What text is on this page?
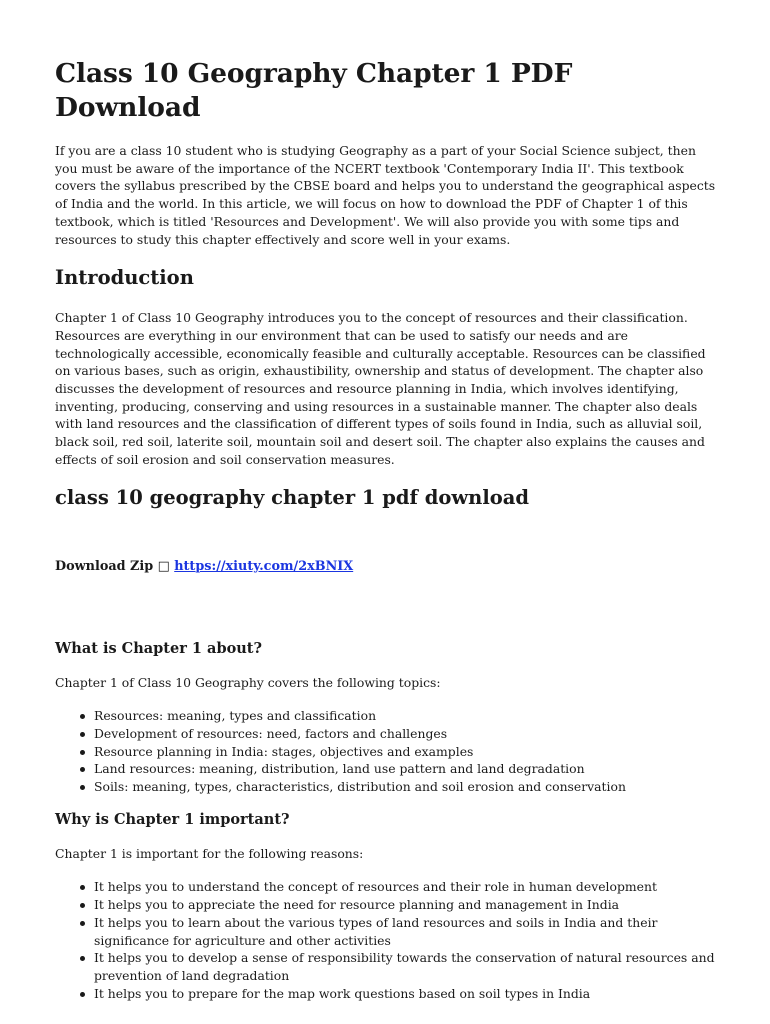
Class 10 Geography Chapter 1 PDF Download

If you are a class 10 student who is studying Geography as a part of your Social Science subject, then you must be aware of the importance of the NCERT textbook 'Contemporary India II'. This textbook covers the syllabus prescribed by the CBSE board and helps you to understand the geographical aspects of India and the world. In this article, we will focus on how to download the PDF of Chapter 1 of this textbook, which is titled 'Resources and Development'. We will also provide you with some tips and resources to study this chapter effectively and score well in your exams.

Introduction

Chapter 1 of Class 10 Geography introduces you to the concept of resources and their classification. Resources are everything in our environment that can be used to satisfy our needs and are technologically accessible, economically feasible and culturally acceptable. Resources can be classified on various bases, such as origin, exhaustibility, ownership and status of development. The chapter also discusses the development of resources and resource planning in India, which involves identifying, inventing, producing, conserving and using resources in a sustainable manner. The chapter also deals with land resources and the classification of different types of soils found in India, such as alluvial soil, black soil, red soil, laterite soil, mountain soil and desert soil. The chapter also explains the causes and effects of soil erosion and soil conservation measures.

class 10 geography chapter 1 pdf download

Download Zip □ https://xiuty.com/2xBNIX

What is Chapter 1 about?

Chapter 1 of Class 10 Geography covers the following topics:

Resources: meaning, types and classification
Development of resources: need, factors and challenges
Resource planning in India: stages, objectives and examples
Land resources: meaning, distribution, land use pattern and land degradation
Soils: meaning, types, characteristics, distribution and soil erosion and conservation
Why is Chapter 1 important?

Chapter 1 is important for the following reasons:

It helps you to understand the concept of resources and their role in human development
It helps you to appreciate the need for resource planning and management in India
It helps you to learn about the various types of land resources and soils in India and their significance for agriculture and other activities
It helps you to develop a sense of responsibility towards the conservation of natural resources and prevention of land degradation
It helps you to prepare for the map work questions based on soil types in India
